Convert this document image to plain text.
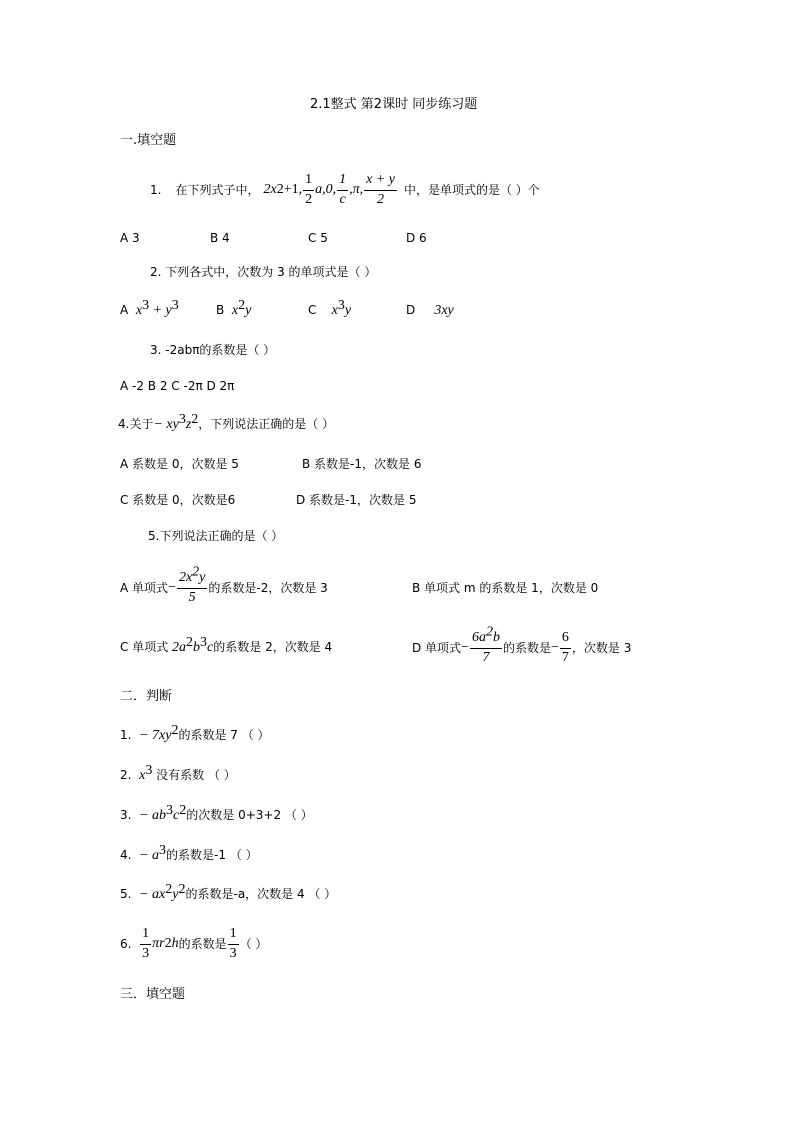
2.1整式 第2课时 同步练习题
一.填空题
1. 在下列式子中， 2x 2 +1, $\frac{1}{2} a,0$, $\frac{1}{c} ,\pi$, $\frac{x + y}{2}$ 中，是单项式的是（ ）个
A 3	B 4	C 5	D 6
2. 下列各式中，次数为 3 的单项式是（ ）
A $x^3 + y^3$	B $x^2y$	C $x^3y$	D 3xy
3. -2abπ的系数是（ ）
A -2 B 2 C -2π D 2π
4.关于− $xy^3z^2$，下列说法正确的是（ ）
A 系数是 0，次数是 5	B 系数是-1，次数是 6
C 系数是 0，次数是6	D 系数是-1，次数是 5
5.下列说法正确的是（ ）
A 单项式 − $\frac{2x^2y}{5}$ 的系数是-2，次数是 3	B 单项式 m 的系数是 1，次数是 0
C 单项式 $2a^2b^3c$的系数是 2，次数是 4	D 单项式 − $\frac{6a^2b}{7}$ 的系数是 − $\frac{6}{7}$ ，次数是 3
二．判断
1. − $7xy^2$的系数是 7 （ ）
2. $x^3$ 没有系数 （ ）
3. − $ab^3c^2$的次数是 0+3+2 （ ）
4. − $a^3$的系数是-1 （ ）
5. − $ax^2y^2$的系数是-a，次数是 4 （ ）
6.
$\frac{1}{3}$ πr 2 h 的系数是 $\frac{1}{3}$ （ ）
三．填空题
